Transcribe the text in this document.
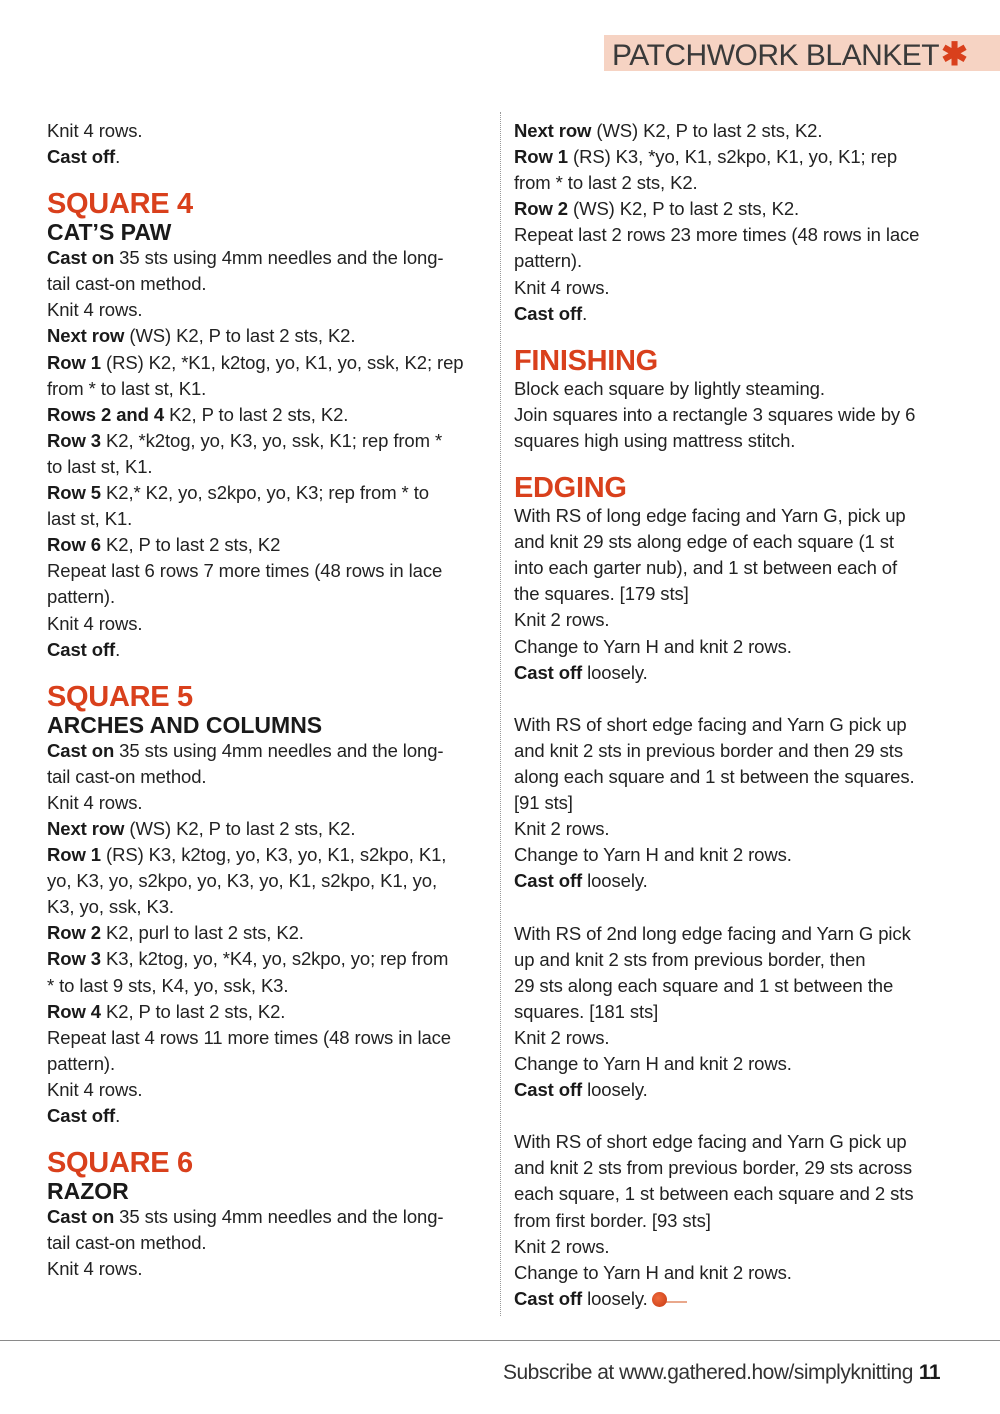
PATCHWORK BLANKET✱

Knit 4 rows.

Cast off.

SQUARE 4
CAT’S PAW

Cast on 35 sts using 4mm needles and the long-

tail cast-on method.

Knit 4 rows.

Next row (WS) K2, P to last 2 sts, K2.

Row 1 (RS) K2, *K1, k2tog, yo, K1, yo, ssk, K2; rep

from * to last st, K1.

Rows 2 and 4 K2, P to last 2 sts, K2.

Row 3 K2, *k2tog, yo, K3, yo, ssk, K1; rep from *

to last st, K1.

Row 5 K2,* K2, yo, s2kpo, yo, K3; rep from * to

last st, K1.

Row 6 K2, P to last 2 sts, K2

Repeat last 6 rows 7 more times (48 rows in lace

pattern).

Knit 4 rows.

Cast off.

SQUARE 5
ARCHES AND COLUMNS

Cast on 35 sts using 4mm needles and the long-

tail cast-on method.

Knit 4 rows.

Next row (WS) K2, P to last 2 sts, K2.

Row 1 (RS) K3, k2tog, yo, K3, yo, K1, s2kpo, K1,

yo, K3, yo, s2kpo, yo, K3, yo, K1, s2kpo, K1, yo,

K3, yo, ssk, K3.

Row 2 K2, purl to last 2 sts, K2.

Row 3 K3, k2tog, yo, *K4, yo, s2kpo, yo; rep from

* to last 9 sts, K4, yo, ssk, K3.

Row 4 K2, P to last 2 sts, K2.

Repeat last 4 rows 11 more times (48 rows in lace

pattern).

Knit 4 rows.

Cast off.

SQUARE 6
RAZOR

Cast on 35 sts using 4mm needles and the long-

tail cast-on method.

Knit 4 rows.

Next row (WS) K2, P to last 2 sts, K2.

Row 1 (RS) K3, *yo, K1, s2kpo, K1, yo, K1; rep

from * to last 2 sts, K2.

Row 2 (WS) K2, P to last 2 sts, K2.

Repeat last 2 rows 23 more times (48 rows in lace

pattern).

Knit 4 rows.

Cast off.

FINISHING

Block each square by lightly steaming.

Join squares into a rectangle 3 squares wide by 6

squares high using mattress stitch.

EDGING

With RS of long edge facing and Yarn G, pick up

and knit 29 sts along edge of each square (1 st

into each garter nub), and 1 st between each of

the squares. [179 sts]

Knit 2 rows.

Change to Yarn H and knit 2 rows.

Cast off loosely.

With RS of short edge facing and Yarn G pick up

and knit 2 sts in previous border and then 29 sts

along each square and 1 st between the squares.

[91 sts]

Knit 2 rows.

Change to Yarn H and knit 2 rows.

Cast off loosely.

With RS of 2nd long edge facing and Yarn G pick

up and knit 2 sts from previous border, then

29 sts along each square and 1 st between the

squares. [181 sts]

Knit 2 rows.

Change to Yarn H and knit 2 rows.

Cast off loosely.

With RS of short edge facing and Yarn G pick up

and knit 2 sts from previous border, 29 sts across

each square, 1 st between each square and 2 sts

from first border. [93 sts]

Knit 2 rows.

Change to Yarn H and knit 2 rows.

Cast off loosely.

Subscribe at www.gathered.how/simplyknitting 11
